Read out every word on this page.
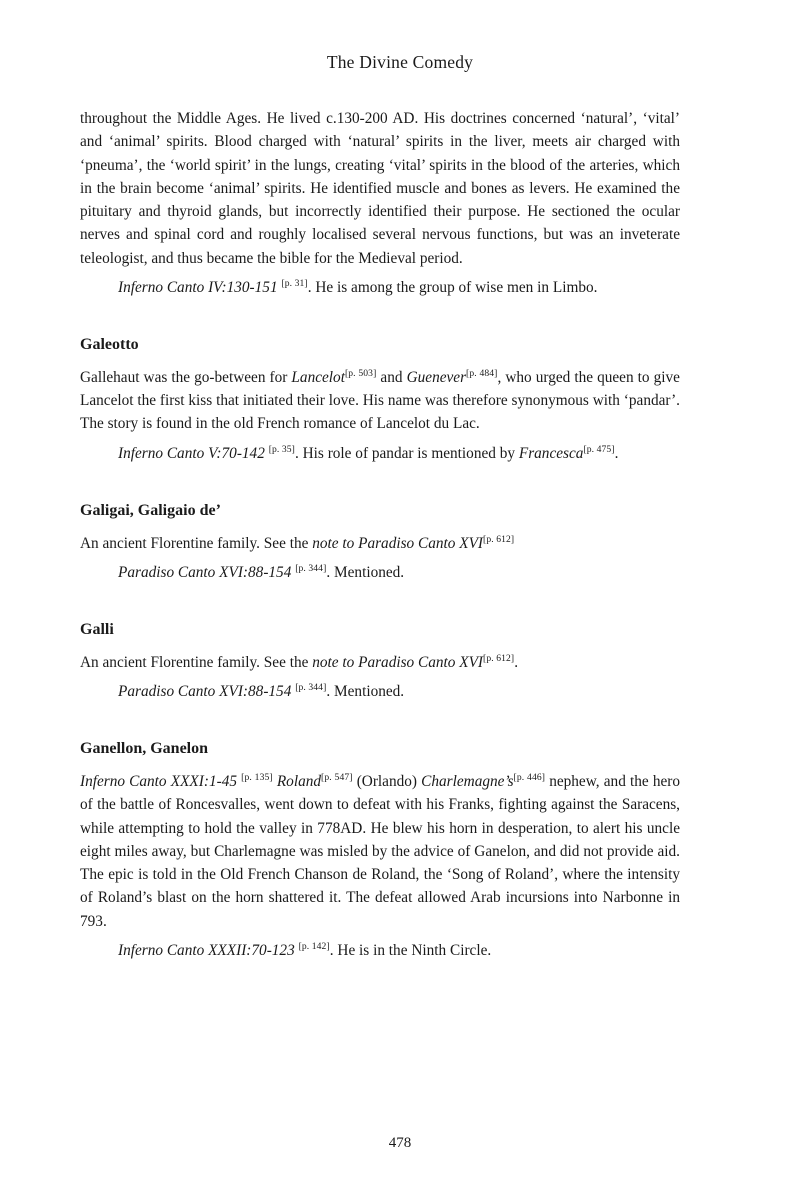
The Divine Comedy

throughout the Middle Ages. He lived c.130-200 AD. His doctrines concerned ‘natural’, ‘vital’ and ‘animal’ spirits. Blood charged with ‘natural’ spirits in the liver, meets air charged with ‘pneuma’, the ‘world spirit’ in the lungs, creating ‘vital’ spirits in the blood of the arteries, which in the brain become ‘animal’ spirits. He identified muscle and bones as levers. He examined the pituitary and thyroid glands, but incorrectly identified their purpose. He sectioned the ocular nerves and spinal cord and roughly localised several nervous functions, but was an inveterate teleologist, and thus became the bible for the Medieval period.

Inferno Canto IV:130-151 [p. 31]. He is among the group of wise men in Limbo.

Galeotto

Gallehaut was the go-between for Lancelot[p. 503] and Guenever[p. 484], who urged the queen to give Lancelot the first kiss that initiated their love. His name was therefore synonymous with ‘pandar’. The story is found in the old French romance of Lancelot du Lac.

Inferno Canto V:70-142 [p. 35]. His role of pandar is mentioned by Francesca[p. 475].

Galigai, Galigaio de’

An ancient Florentine family. See the note to Paradiso Canto XVI[p. 612]

Paradiso Canto XVI:88-154 [p. 344]. Mentioned.

Galli

An ancient Florentine family. See the note to Paradiso Canto XVI[p. 612].

Paradiso Canto XVI:88-154 [p. 344]. Mentioned.

Ganellon, Ganelon

Inferno Canto XXXI:1-45 [p. 135] Roland[p. 547] (Orlando) Charlemagne’s[p. 446] nephew, and the hero of the battle of Roncesvalles, went down to defeat with his Franks, fighting against the Saracens, while attempting to hold the valley in 778AD. He blew his horn in desperation, to alert his uncle eight miles away, but Charlemagne was misled by the advice of Ganelon, and did not provide aid. The epic is told in the Old French Chanson de Roland, the ‘Song of Roland’, where the intensity of Roland’s blast on the horn shattered it. The defeat allowed Arab incursions into Narbonne in 793.

Inferno Canto XXXII:70-123 [p. 142]. He is in the Ninth Circle.

478
